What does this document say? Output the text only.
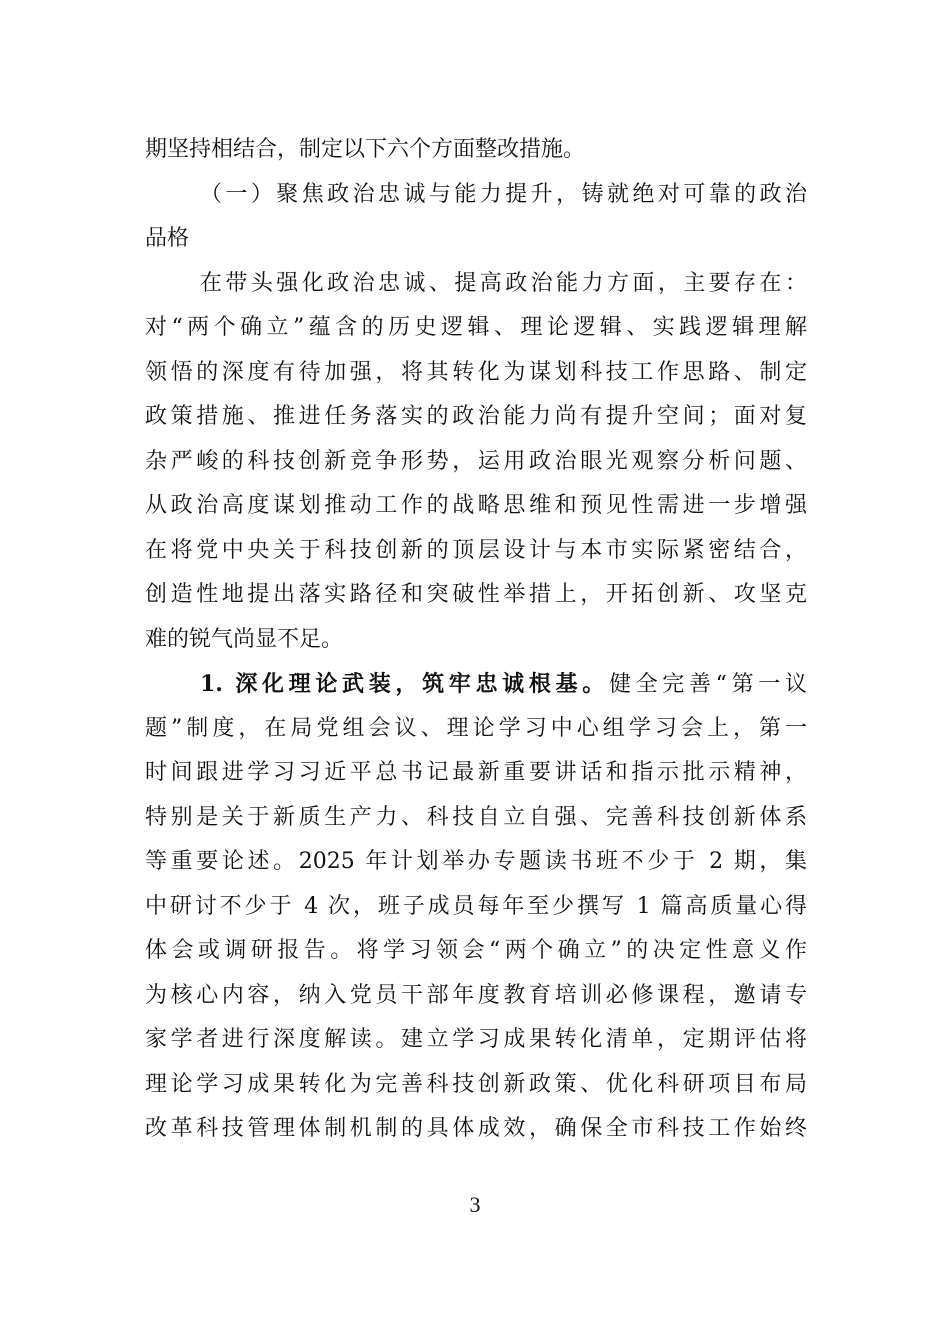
期坚持相结合，制定以下六个方面整改措施。
（一）聚焦政治忠诚与能力提升，铸就绝对可靠的政治
品格
在带头强化政治忠诚、提高政治能力方面，主要存在：
对“两个确立”蕴含的历史逻辑、理论逻辑、实践逻辑理解
领悟的深度有待加强，将其转化为谋划科技工作思路、制定
政策措施、推进任务落实的政治能力尚有提升空间；面对复
杂严峻的科技创新竞争形势，运用政治眼光观察分析问题、
从政治高度谋划推动工作的战略思维和预见性需进一步增强
在将党中央关于科技创新的顶层设计与本市实际紧密结合，
创造性地提出落实路径和突破性举措上，开拓创新、攻坚克
难的锐气尚显不足。
1. 深化理论武装，筑牢忠诚根基。健全完善“第一议
题”制度，在局党组会议、理论学习中心组学习会上，第一
时间跟进学习习近平总书记最新重要讲话和指示批示精神，
特别是关于新质生产力、科技自立自强、完善科技创新体系
等重要论述。2025 年计划举办专题读书班不少于 2 期，集
中研讨不少于 4 次，班子成员每年至少撰写 1 篇高质量心得
体会或调研报告。将学习领会“两个确立”的决定性意义作
为核心内容，纳入党员干部年度教育培训必修课程，邀请专
家学者进行深度解读。建立学习成果转化清单，定期评估将
理论学习成果转化为完善科技创新政策、优化科研项目布局
改革科技管理体制机制的具体成效，确保全市科技工作始终
3
